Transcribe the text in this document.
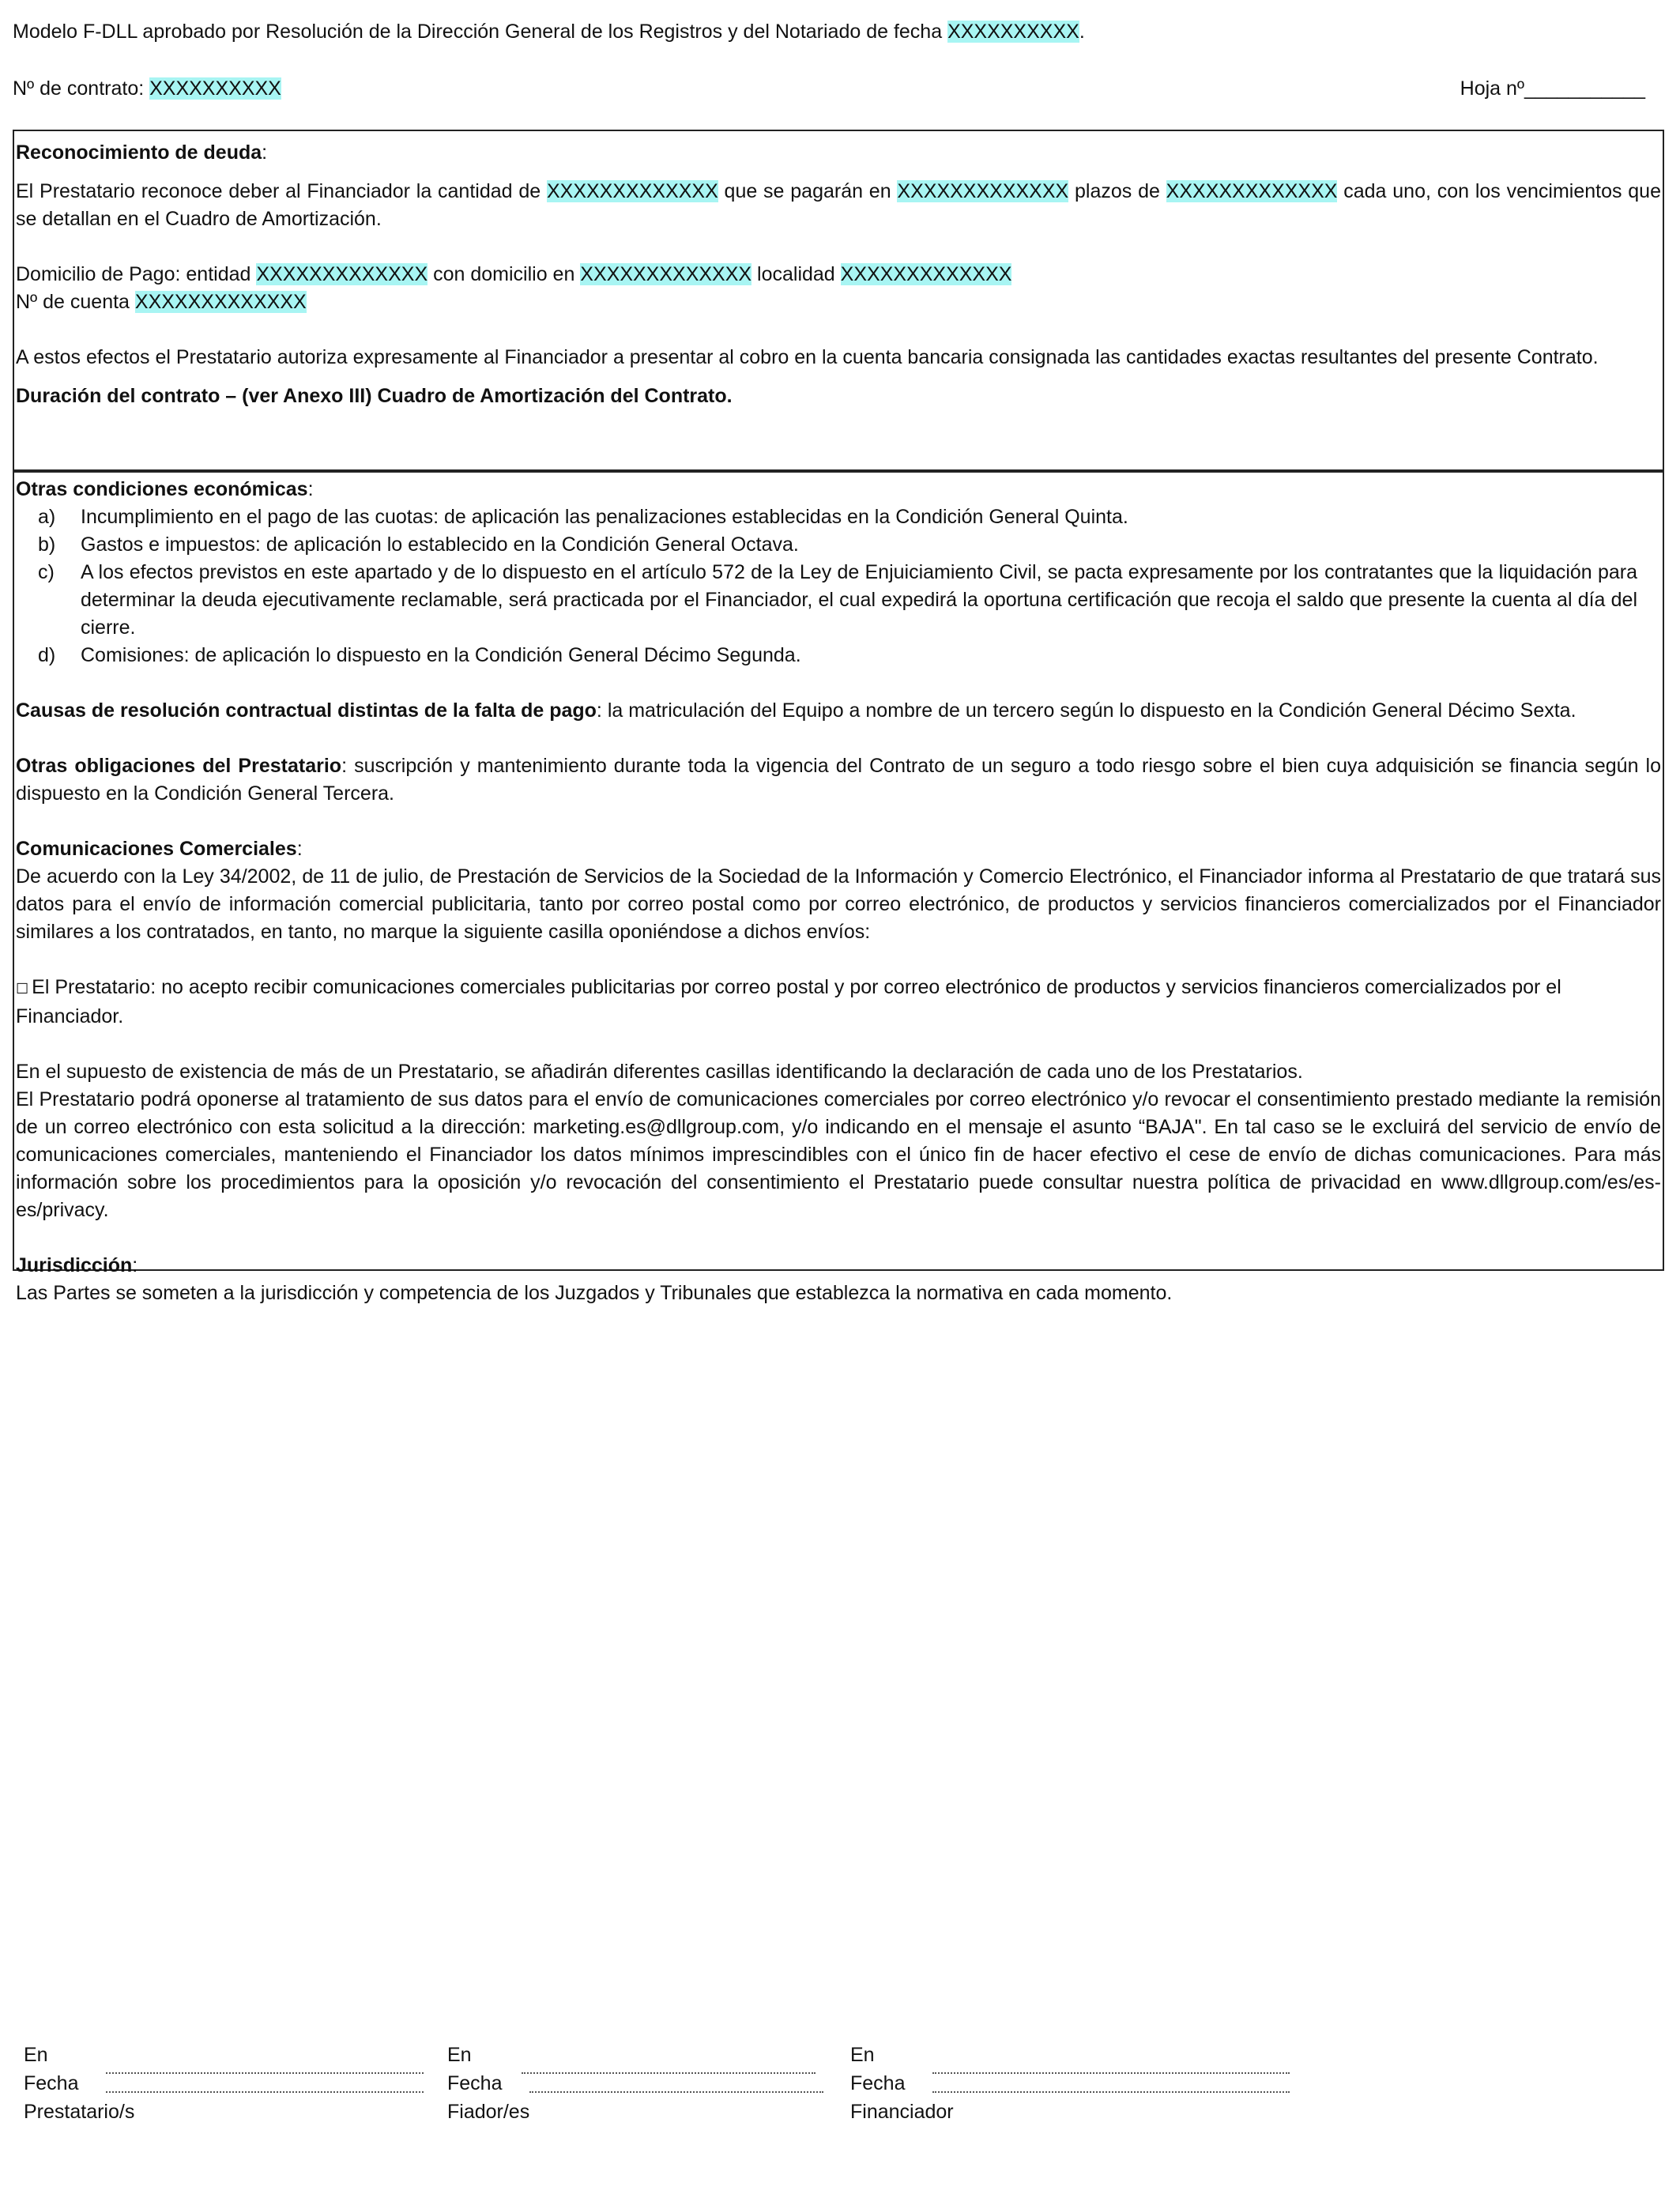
Modelo F-DLL aprobado por Resolución de la Dirección General de los Registros y del Notariado de fecha XXXXXXXXXX.
Nº de contrato: XXXXXXXXXX	Hoja nº___________

Reconocimiento de deuda:

El Prestatario reconoce deber al Financiador la cantidad de XXXXXXXXXXXXX que se pagarán en XXXXXXXXXXXXX plazos de XXXXXXXXXXXXX cada uno, con los vencimientos que se detallan en el Cuadro de Amortización.

Domicilio de Pago: entidad XXXXXXXXXXXXX con domicilio en XXXXXXXXXXXXX localidad XXXXXXXXXXXXX

Nº de cuenta XXXXXXXXXXXXX

A estos efectos el Prestatario autoriza expresamente al Financiador a presentar al cobro en la cuenta bancaria consignada las cantidades exactas resultantes del presente Contrato.

Duración del contrato – (ver Anexo III) Cuadro de Amortización del Contrato.

Otras condiciones económicas:

a)	Incumplimiento en el pago de las cuotas: de aplicación las penalizaciones establecidas en la Condición General Quinta.
b)	Gastos e impuestos: de aplicación lo establecido en la Condición General Octava.
c)	A los efectos previstos en este apartado y de lo dispuesto en el artículo 572 de la Ley de Enjuiciamiento Civil, se pacta expresamente por los contratantes que la liquidación para determinar la deuda ejecutivamente reclamable, será practicada por el Financiador, el cual expedirá la oportuna certificación que recoja el saldo que presente la cuenta al día del cierre.
d)	Comisiones: de aplicación lo dispuesto en la Condición General Décimo Segunda.

Causas de resolución contractual distintas de la falta de pago: la matriculación del Equipo a nombre de un tercero según lo dispuesto en la Condición General Décimo Sexta.

Otras obligaciones del Prestatario: suscripción y mantenimiento durante toda la vigencia del Contrato de un seguro a todo riesgo sobre el bien cuya adquisición se financia según lo dispuesto en la Condición General Tercera.

Comunicaciones Comerciales:

De acuerdo con la Ley 34/2002, de 11 de julio, de Prestación de Servicios de la Sociedad de la Información y Comercio Electrónico, el Financiador informa al Prestatario de que tratará sus datos para el envío de información comercial publicitaria, tanto por correo postal como por correo electrónico, de productos y servicios financieros comercializados por el Financiador similares a los contratados, en tanto, no marque la siguiente casilla oponiéndose a dichos envíos:

☐ El Prestatario: no acepto recibir comunicaciones comerciales publicitarias por correo postal y por correo electrónico de productos y servicios financieros comercializados por el Financiador.

En el supuesto de existencia de más de un Prestatario, se añadirán diferentes casillas identificando la declaración de cada uno de los Prestatarios.

El Prestatario podrá oponerse al tratamiento de sus datos para el envío de comunicaciones comerciales por correo electrónico y/o revocar el consentimiento prestado mediante la remisión de un correo electrónico con esta solicitud a la dirección: marketing.es@dllgroup.com, y/o indicando en el mensaje el asunto “BAJA". En tal caso se le excluirá del servicio de envío de comunicaciones comerciales, manteniendo el Financiador los datos mínimos imprescindibles con el único fin de hacer efectivo el cese de envío de dichas comunicaciones. Para más información sobre los procedimientos para la oposición y/o revocación del consentimiento el Prestatario puede consultar nuestra política de privacidad en www.dllgroup.com/es/es-es/privacy.

Jurisdicción:

Las Partes se someten a la jurisdicción y competencia de los Juzgados y Tribunales que establezca la normativa en cada momento.

En
Fecha
Prestatario/s
En
Fecha
Fiador/es
En
Fecha
Financiador
